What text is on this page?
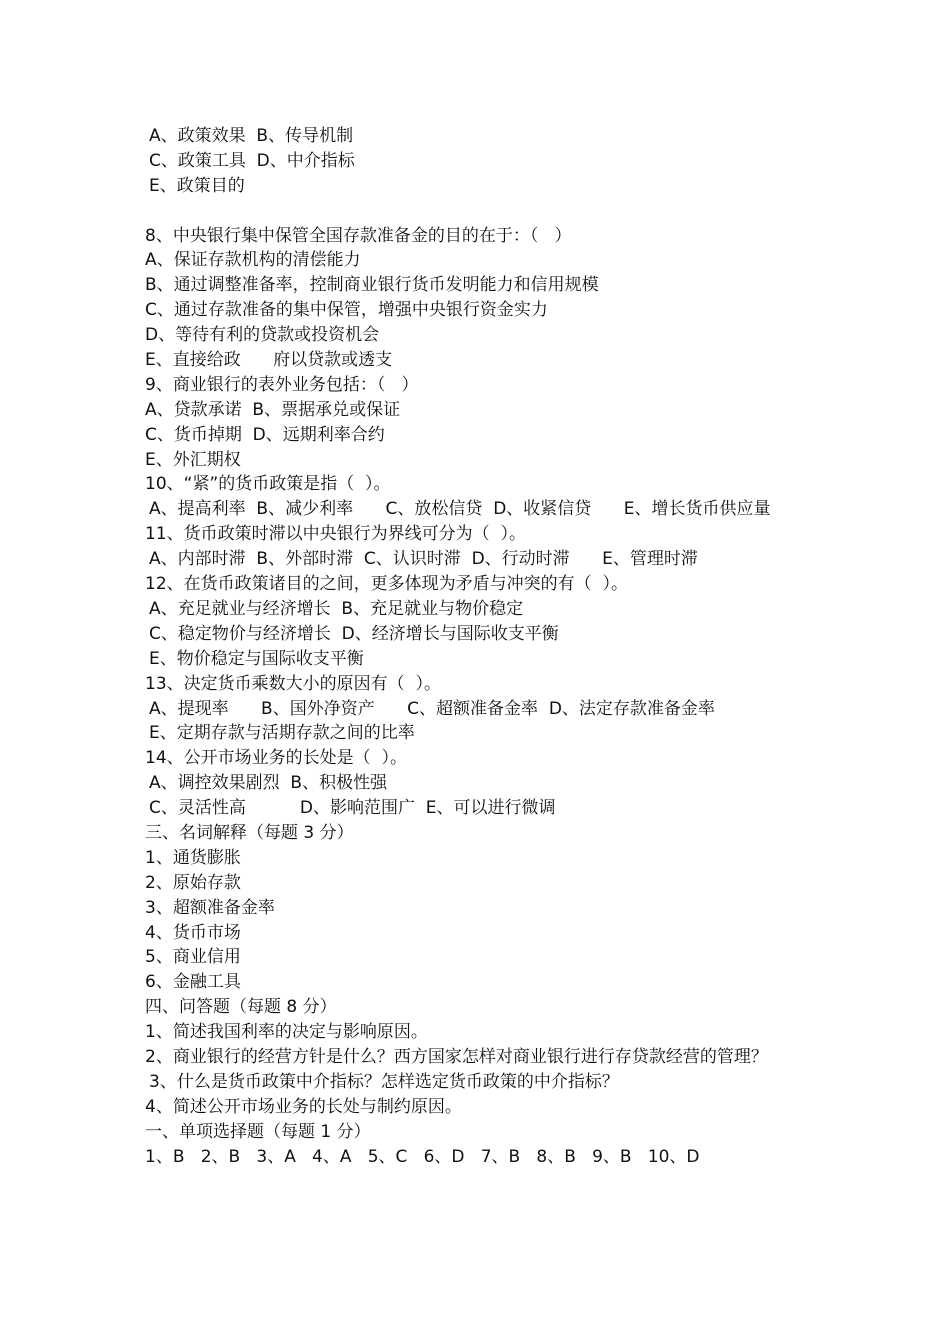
A、政策效果  B、传导机制
C、政策工具  D、中介指标
E、政策目的
8、中央银行集中保管全国存款准备金的目的在于：（   ）
A、保证存款机构的清偿能力
B、通过调整准备率，控制商业银行货币发明能力和信用规模
C、通过存款准备的集中保管，增强中央银行资金实力
D、等待有利的贷款或投资机会
E、直接给政      府以贷款或透支
9、商业银行的表外业务包括：（   ）
A、贷款承诺  B、票据承兑或保证
C、货币掉期  D、远期利率合约
E、外汇期权
10、“紧”的货币政策是指（  ）。
A、提高利率  B、减少利率      C、放松信贷  D、收紧信贷      E、增长货币供应量
11、货币政策时滞以中央银行为界线可分为（  ）。
A、内部时滞  B、外部时滞  C、认识时滞  D、行动时滞      E、管理时滞
12、在货币政策诸目的之间，更多体现为矛盾与冲突的有（  ）。
A、充足就业与经济增长  B、充足就业与物价稳定
C、稳定物价与经济增长  D、经济增长与国际收支平衡
E、物价稳定与国际收支平衡
13、决定货币乘数大小的原因有（  ）。
A、提现率      B、国外净资产      C、超额准备金率  D、法定存款准备金率
E、定期存款与活期存款之间的比率
14、公开市场业务的长处是（  ）。
A、调控效果剧烈  B、积极性强
C、灵活性高          D、影响范围广  E、可以进行微调
三、名词解释（每题 3 分）
1、通货膨胀
2、原始存款
3、超额准备金率
4、货币市场
5、商业信用
6、金融工具
四、问答题（每题 8 分）
1、简述我国利率的决定与影响原因。
2、商业银行的经营方针是什么？西方国家怎样对商业银行进行存贷款经营的管理？
3、什么是货币政策中介指标？怎样选定货币政策的中介指标？
4、简述公开市场业务的长处与制约原因。
一、单项选择题（每题 1 分）
1、B   2、B   3、A   4、A   5、C   6、D   7、B   8、B   9、B   10、D
